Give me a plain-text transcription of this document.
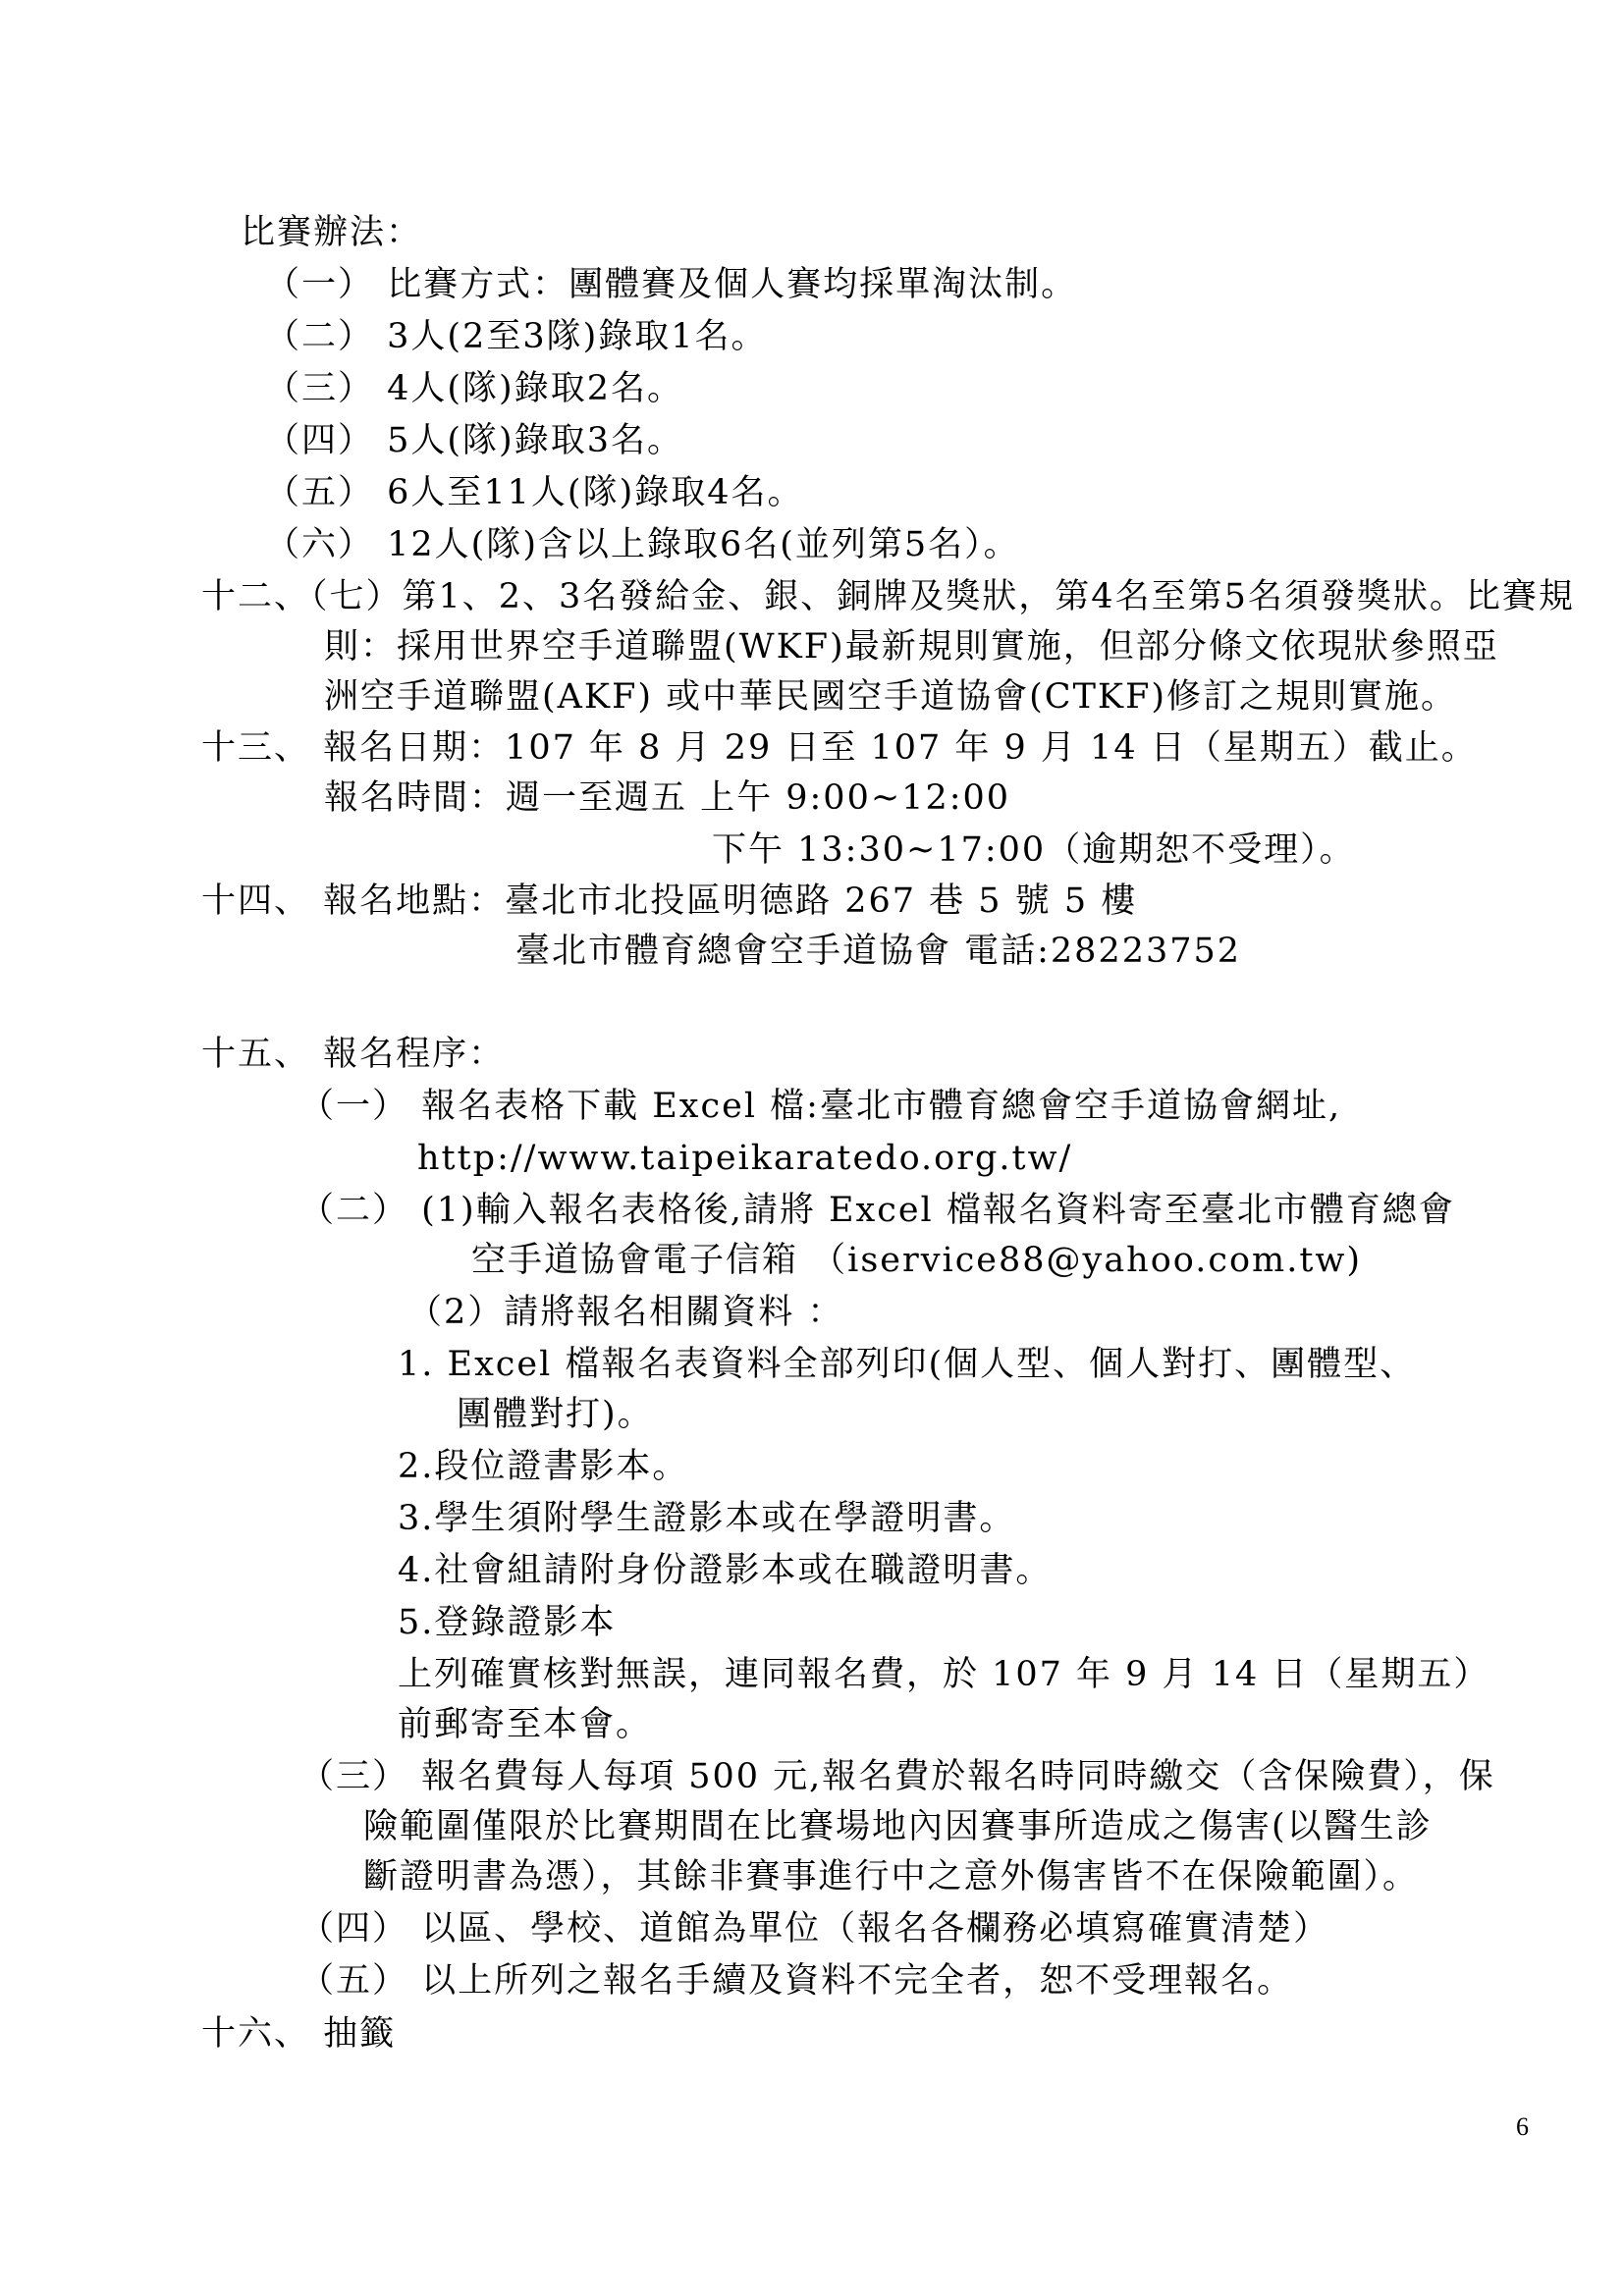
比賽辦法：
（一） 比賽方式：團體賽及個人賽均採單淘汰制。
（二） 3人(2至3隊)錄取1名。
（三） 4人(隊)錄取2名。
（四） 5人(隊)錄取3名。
（五） 6人至11人(隊)錄取4名。
（六） 12人(隊)含以上錄取6名(並列第5名）。
十二、（七）第1、2、3名發給金、銀、銅牌及獎狀，第4名至第5名須發獎狀。比賽規
則：採用世界空手道聯盟(WKF)最新規則實施，但部分條文依現狀參照亞
洲空手道聯盟(AKF) 或中華民國空手道協會(CTKF)修訂之規則實施。
十三、 報名日期：107 年 8 月 29 日至 107 年 9 月 14 日（星期五）截止。
報名時間：週一至週五 上午 9:00~12:00
下午 13:30~17:00（逾期恕不受理）。
十四、 報名地點：臺北市北投區明德路 267 巷 5 號 5 樓
臺北市體育總會空手道協會 電話:28223752
十五、 報名程序：
（一） 報名表格下載 Excel 檔:臺北市體育總會空手道協會網址,
http://www.taipeikaratedo.org.tw/
（二） (1)輸入報名表格後,請將 Excel 檔報名資料寄至臺北市體育總會
空手道協會電子信箱 （iservice88@yahoo.com.tw)
（2）請將報名相關資料 ：
1. Excel 檔報名表資料全部列印(個人型、個人對打、團體型、
團體對打)。
2.段位證書影本。
3.學生須附學生證影本或在學證明書。
4.社會組請附身份證影本或在職證明書。
5.登錄證影本
上列確實核對無誤，連同報名費，於 107 年 9 月 14 日（星期五）
前郵寄至本會。
（三） 報名費每人每項 500 元,報名費於報名時同時繳交（含保險費），保
險範圍僅限於比賽期間在比賽場地內因賽事所造成之傷害(以醫生診
斷證明書為憑），其餘非賽事進行中之意外傷害皆不在保險範圍）。
（四） 以區、學校、道館為單位（報名各欄務必填寫確實清楚）
（五） 以上所列之報名手續及資料不完全者，恕不受理報名。
十六、 抽籤
6
